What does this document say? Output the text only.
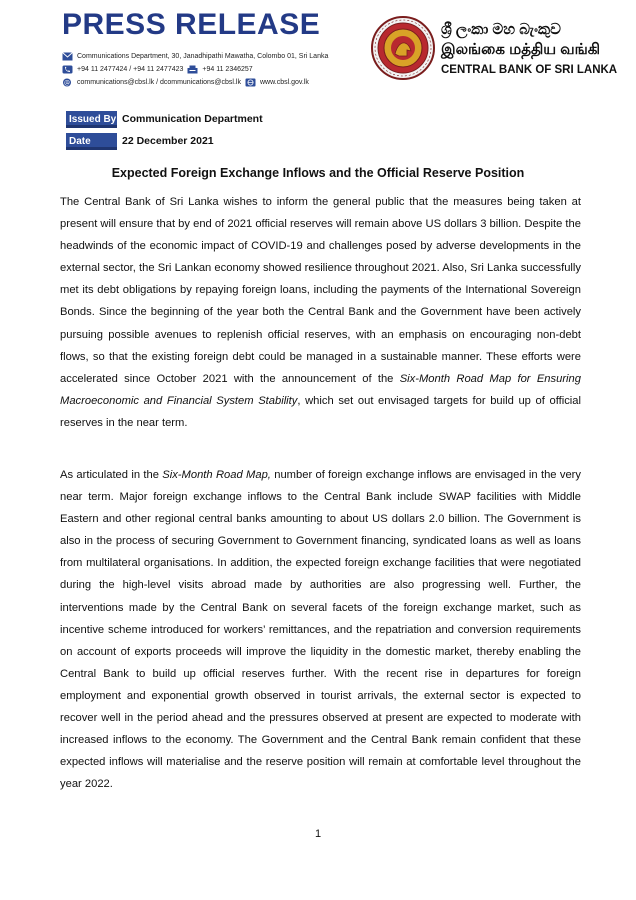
PRESS RELEASE
Communications Department, 30, Janadhipathi Mawatha, Colombo 01, Sri Lanka
+94 11 2477424 / +94 11 2477423	+94 11 2346257
@ communications@cbsl.lk / dcommunications@cbsl.lk	www.cbsl.gov.lk
ශ්‍රී ලංකා මහ බැංකුව
இலங்கை மத்திய வங்கி
CENTRAL BANK OF SRI LANKA
Issued By Communication Department
Date	22 December 2021
Expected Foreign Exchange Inflows and the Official Reserve Position

The Central Bank of Sri Lanka wishes to inform the general public that the measures being taken at present will ensure that by end of 2021 official reserves will remain above US dollars 3 billion. Despite the headwinds of the economic impact of COVID-19 and challenges posed by adverse developments in the external sector, the Sri Lankan economy showed resilience throughout 2021. Also, Sri Lanka successfully met its debt obligations by repaying foreign loans, including the payments of the International Sovereign Bonds. Since the beginning of the year both the Central Bank and the Government have been actively pursuing possible avenues to replenish official reserves, with an emphasis on encouraging non-debt flows, so that the existing foreign debt could be managed in a sustainable manner. These efforts were accelerated since October 2021 with the announcement of the Six-Month Road Map for Ensuring Macroeconomic and Financial System Stability, which set out envisaged targets for build up of official reserves in the near term.

As articulated in the Six-Month Road Map, number of foreign exchange inflows are envisaged in the very near term. Major foreign exchange inflows to the Central Bank include SWAP facilities with Middle Eastern and other regional central banks amounting to about US dollars 2.0 billion. The Government is also in the process of securing Government to Government financing, syndicated loans as well as loans from multilateral organisations. In addition, the expected foreign exchange facilities that were negotiated during the high-level visits abroad made by authorities are also progressing well. Further, the interventions made by the Central Bank on several facets of the foreign exchange market, such as incentive scheme introduced for workers’ remittances, and the repatriation and conversion requirements on account of exports proceeds will improve the liquidity in the domestic market, thereby enabling the Central Bank to build up official reserves further. With the recent rise in departures for foreign employment and exponential growth observed in tourist arrivals, the external sector is expected to recover well in the period ahead and the pressures observed at present are expected to moderate with increased inflows to the economy. The Government and the Central Bank remain confident that these expected inflows will materialise and the reserve position will remain at comfortable level throughout the year 2022.

1
